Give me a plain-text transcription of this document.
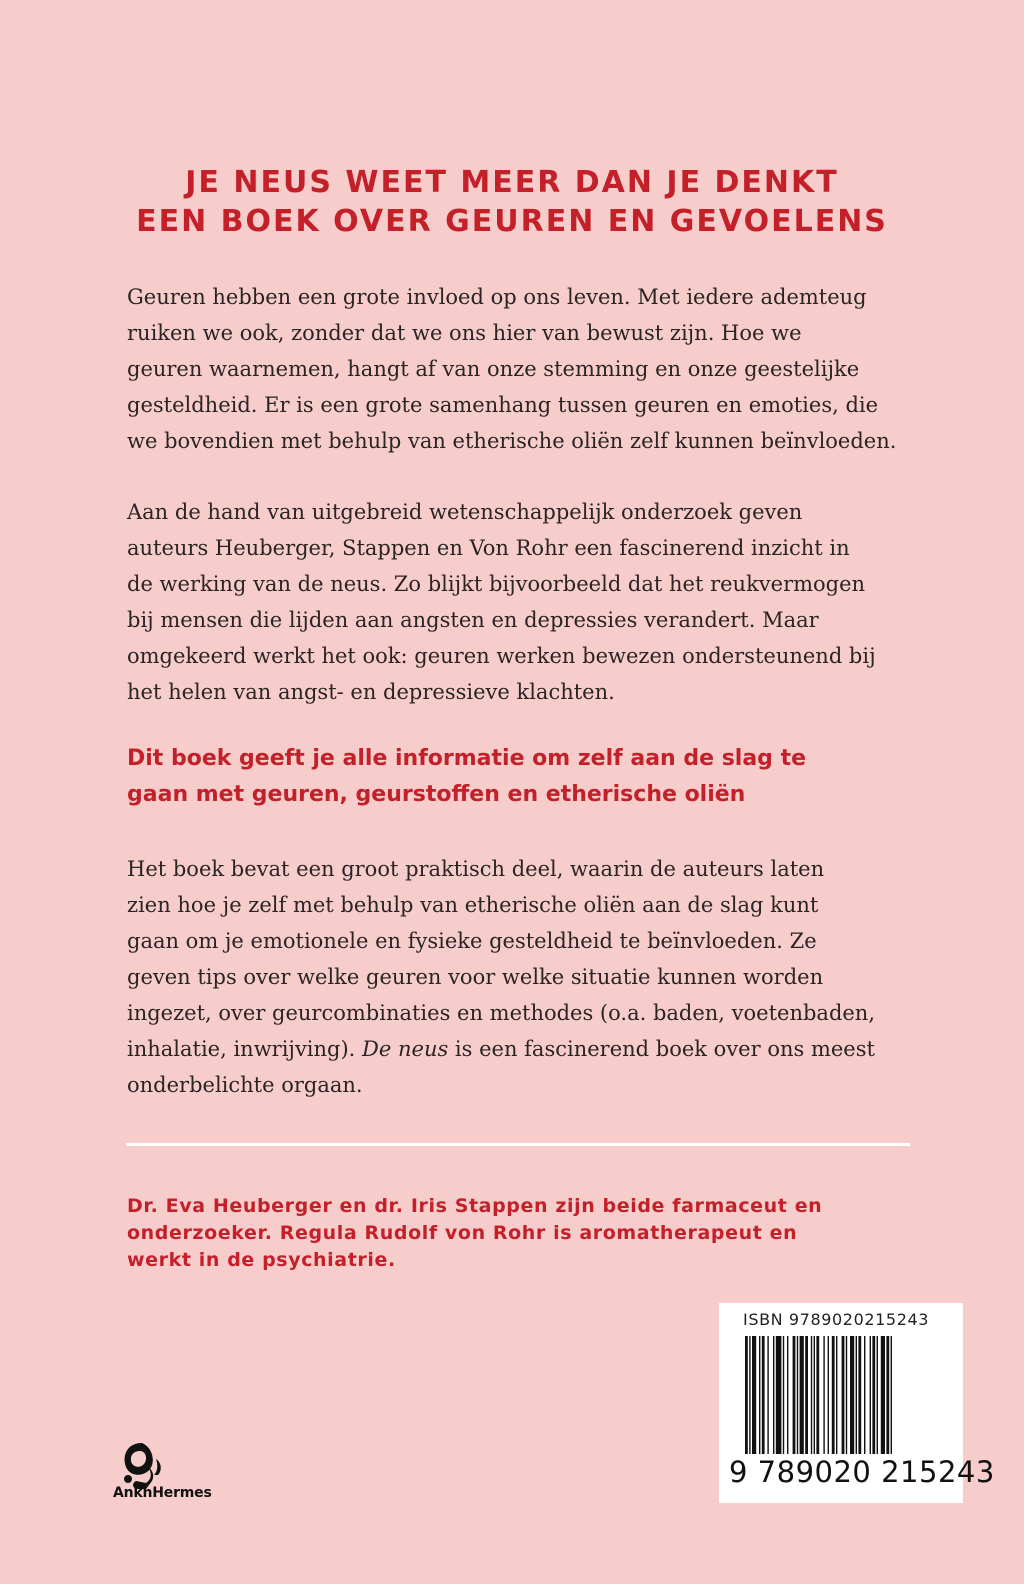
JE NEUS WEET MEER DAN JE DENKT
EEN BOEK OVER GEUREN EN GEVOELENS

Geuren hebben een grote invloed op ons leven. Met iedere ademteug
ruiken we ook, zonder dat we ons hier van bewust zijn. Hoe we
geuren waarnemen, hangt af van onze stemming en onze geestelijke
gesteldheid. Er is een grote samenhang tussen geuren en emoties, die
we bovendien met behulp van etherische oliën zelf kunnen beïnvloeden.

Aan de hand van uitgebreid wetenschappelijk onderzoek geven
auteurs Heuberger, Stappen en Von Rohr een fascinerend inzicht in
de werking van de neus. Zo blijkt bijvoorbeeld dat het reukvermogen
bij mensen die lijden aan angsten en depressies verandert. Maar
omgekeerd werkt het ook: geuren werken bewezen ondersteunend bij
het helen van angst- en depressieve klachten.

Dit boek geeft je alle informatie om zelf aan de slag te
gaan met geuren, geurstoffen en etherische oliën

Het boek bevat een groot praktisch deel, waarin de auteurs laten
zien hoe je zelf met behulp van etherische oliën aan de slag kunt
gaan om je emotionele en fysieke gesteldheid te beïnvloeden. Ze
geven tips over welke geuren voor welke situatie kunnen worden
ingezet, over geurcombinaties en methodes (o.a. baden, voetenbaden,
inhalatie, inwrijving). De neus is een fascinerend boek over ons meest
onderbelichte orgaan.

Dr. Eva Heuberger en dr. Iris Stappen zijn beide farmaceut en
onderzoeker. Regula Rudolf von Rohr is aromatherapeut en
werkt in de psychiatrie.

ISBN 9789020215243
9 789020 215243
AnkhHermes
